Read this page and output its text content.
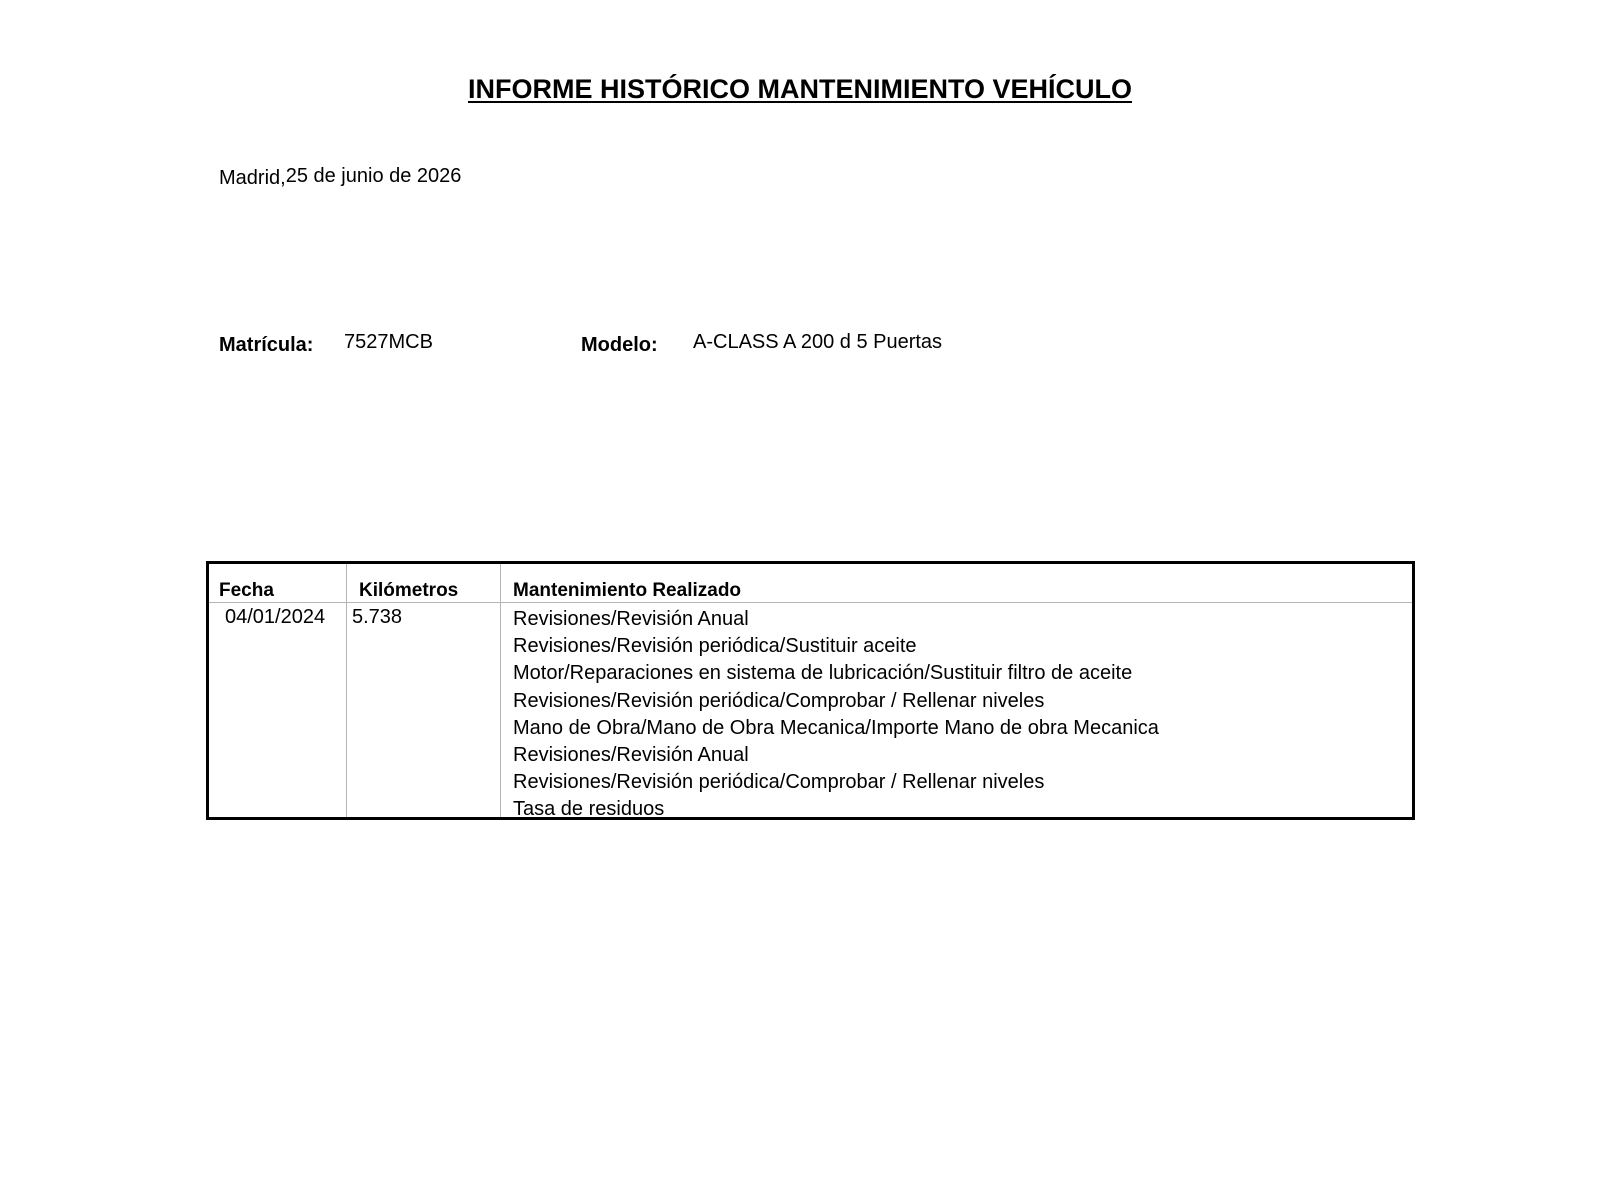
INFORME HISTÓRICO MANTENIMIENTO VEHÍCULO
Madrid,25 de junio de 2026
Matrícula: 7527MCB	Modelo: A-CLASS A 200 d 5 Puertas
Fecha	Kilómetros	Mantenimiento Realizado
04/01/2024 5.738	Revisiones/Revisión Anual
Revisiones/Revisión periódica/Sustituir aceite
Motor/Reparaciones en sistema de lubricación/Sustituir filtro de aceite
Revisiones/Revisión periódica/Comprobar / Rellenar niveles
Mano de Obra/Mano de Obra Mecanica/Importe Mano de obra Mecanica
Revisiones/Revisión Anual
Revisiones/Revisión periódica/Comprobar / Rellenar niveles
Tasa de residuos
